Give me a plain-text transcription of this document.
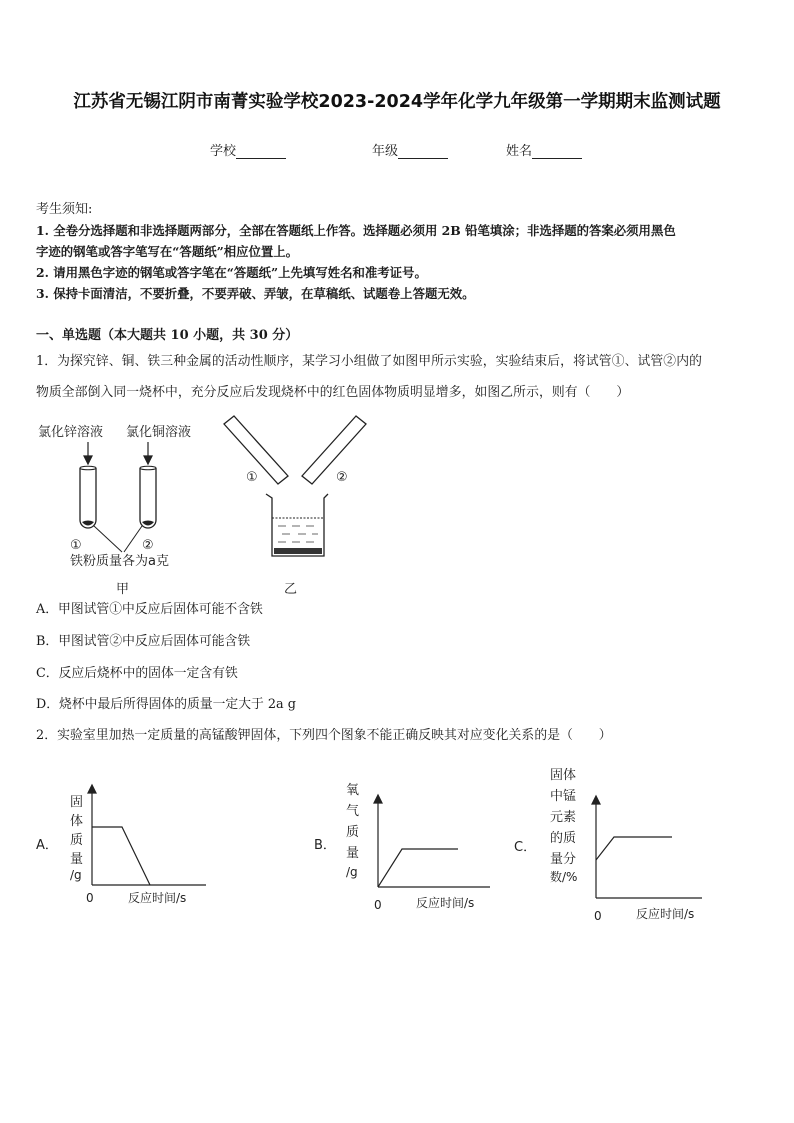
江苏省无锡江阴市南菁实验学校2023-2024学年化学九年级第一学期期末监测试题
学校	年级	姓名
考生须知:
1. 全卷分选择题和非选择题两部分，全部在答题纸上作答。选择题必须用 2B 铅笔填涂；非选择题的答案必须用黑色
字迹的钢笔或答字笔写在“答题纸”相应位置上。
2. 请用黑色字迹的钢笔或答字笔在“答题纸”上先填写姓名和准考证号。
3. 保持卡面清洁，不要折叠，不要弄破、弄皱，在草稿纸、试题卷上答题无效。
一、单选题（本大题共 10 小题，共 30 分）
1．为探究锌、铜、铁三种金属的活动性顺序，某学习小组做了如图甲所示实验，实验结束后，将试管①、试管②内的
物质全部倒入同一烧杯中，充分反应后发现烧杯中的红色固体物质明显增多，如图乙所示，则有（　　）
氯化锌溶液 氯化铜溶液
①	②
铁粉质量各为a克
甲
①	②
乙
A．甲图试管①中反应后固体可能不含铁
B．甲图试管②中反应后固体可能含铁
C．反应后烧杯中的固体一定含有铁
D．烧杯中最后所得固体的质量一定大于 2a g
2．实验室里加热一定质量的高锰酸钾固体，下列四个图象不能正确反映其对应变化关系的是（　　）
A．
固
体
质
量
/g
0	反应时间/s
B．
氧
气
质
量
/g
0	反应时间/s
C．
固体
中锰
元素
的质
量分
数/%
0	反应时间/s
